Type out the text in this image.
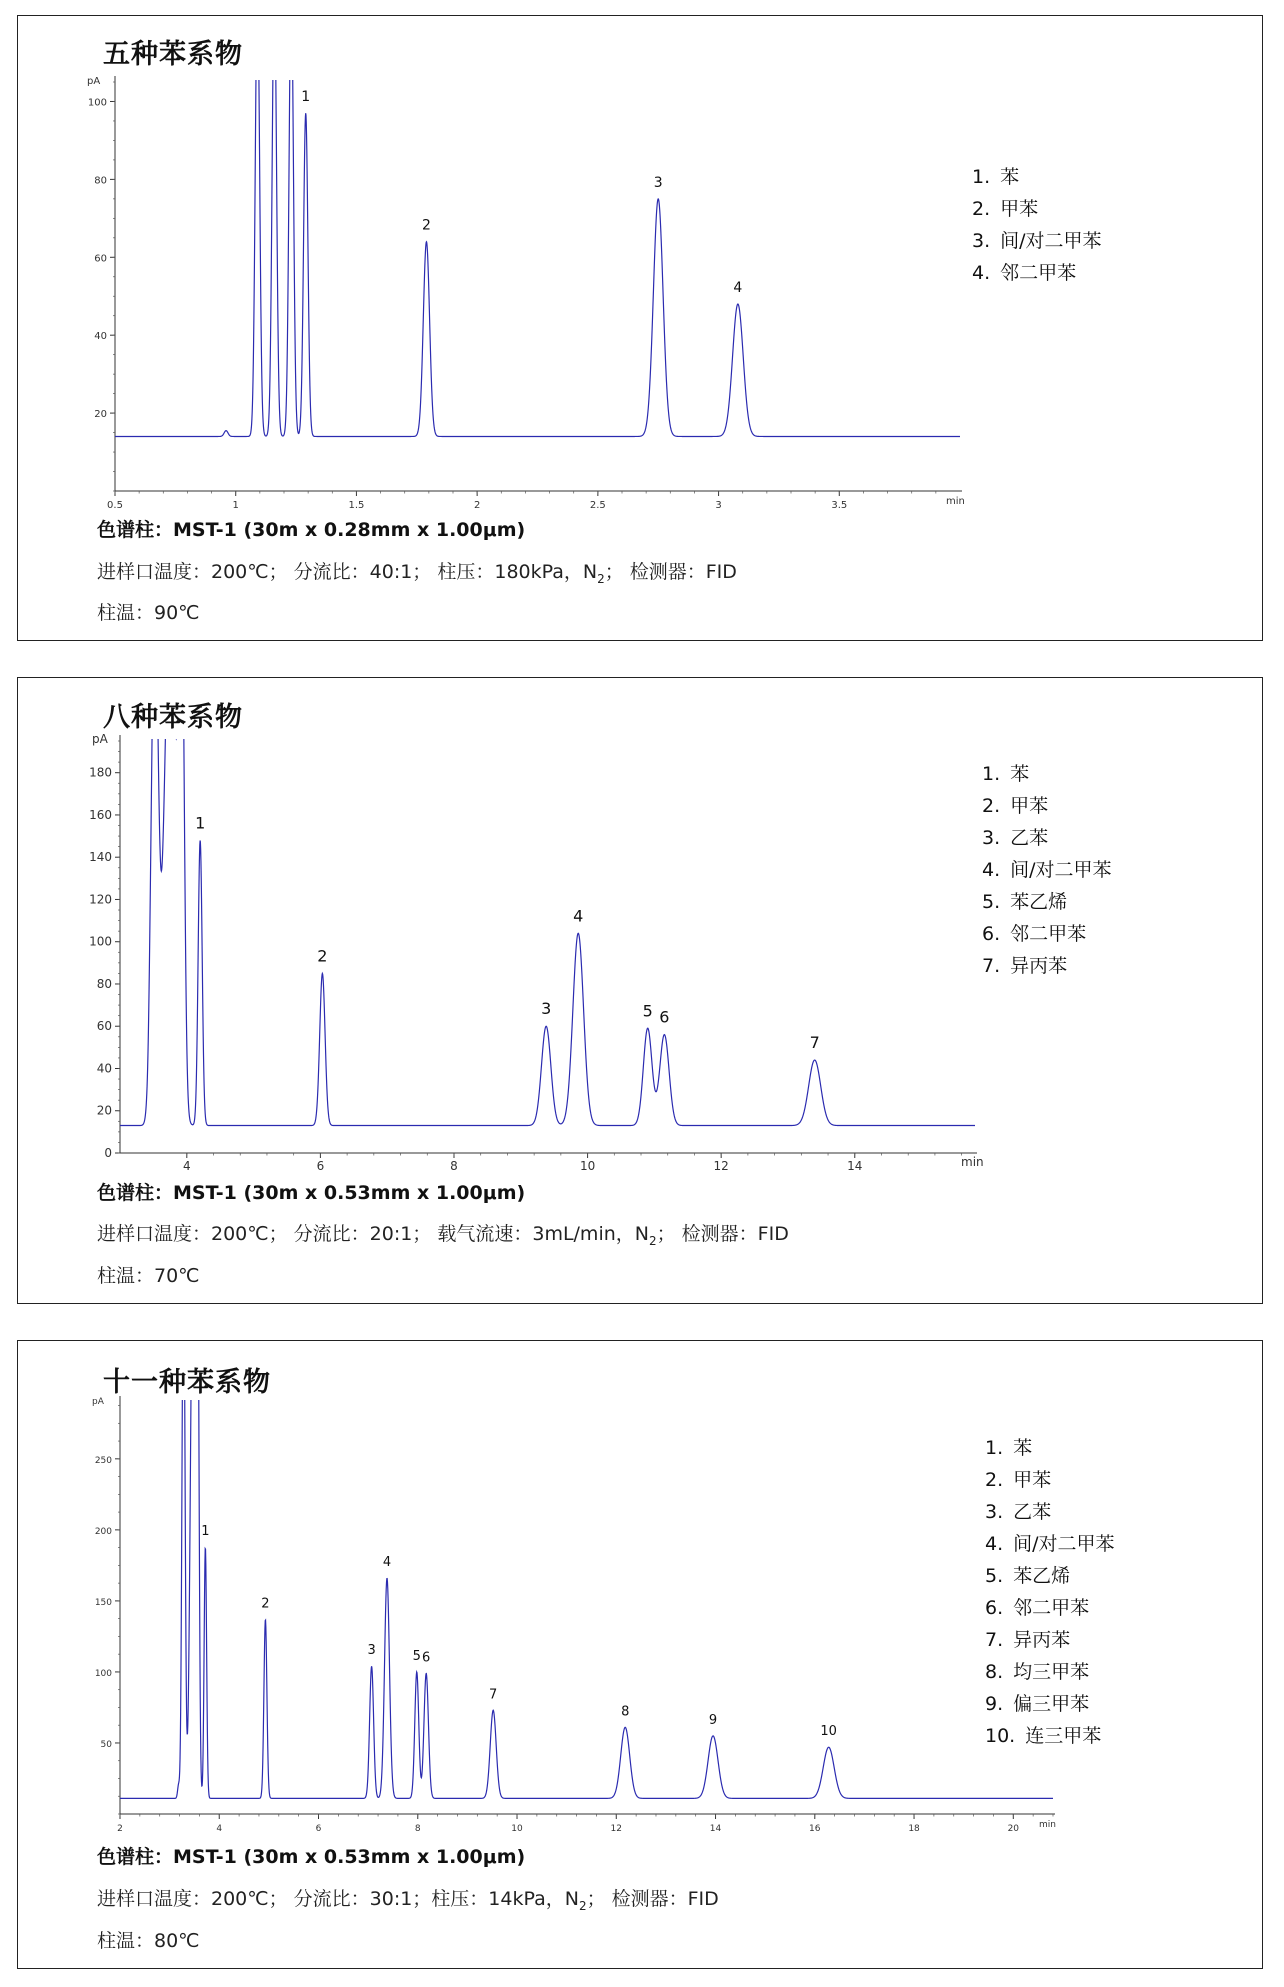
五种苯系物
20
40
60
80
100
0.5	1	1.5	2	2.5	3	3.5
pA
min
1
2
3
4
1. 苯
2. 甲苯
3. 间/对二甲苯
4. 邻二甲苯

色谱柱：MST-1 (30m x 0.28mm x 1.00μm)

进样口温度：200℃； 分流比：40:1； 柱压：180kPa，$N_2$； 检测器：FID

柱温：90℃

八种苯系物
0
20
40
60
80
100
120
140
160
180
4	6	8	10	12	14
pA
min
1
2
3
4
5 6
7
1. 苯
2. 甲苯
3. 乙苯
4. 间/对二甲苯
5. 苯乙烯
6. 邻二甲苯
7. 异丙苯

色谱柱：MST-1 (30m x 0.53mm x 1.00μm)

进样口温度：200℃； 分流比：20:1； 载气流速：3mL/min，$N_2$； 检测器：FID

柱温：70℃

十一种苯系物
50
100
150
200
250
2	4	6	8	10	12	14	16	18	20
pA
min
1
2
3
4
5 6
7
8
9
10
1. 苯
2. 甲苯
3. 乙苯
4. 间/对二甲苯
5. 苯乙烯
6. 邻二甲苯
7. 异丙苯
8. 均三甲苯
9. 偏三甲苯
10. 连三甲苯

色谱柱：MST-1 (30m x 0.53mm x 1.00μm)

进样口温度：200℃； 分流比：30:1；柱压：14kPa，$N_2$； 检测器：FID

柱温：80℃
